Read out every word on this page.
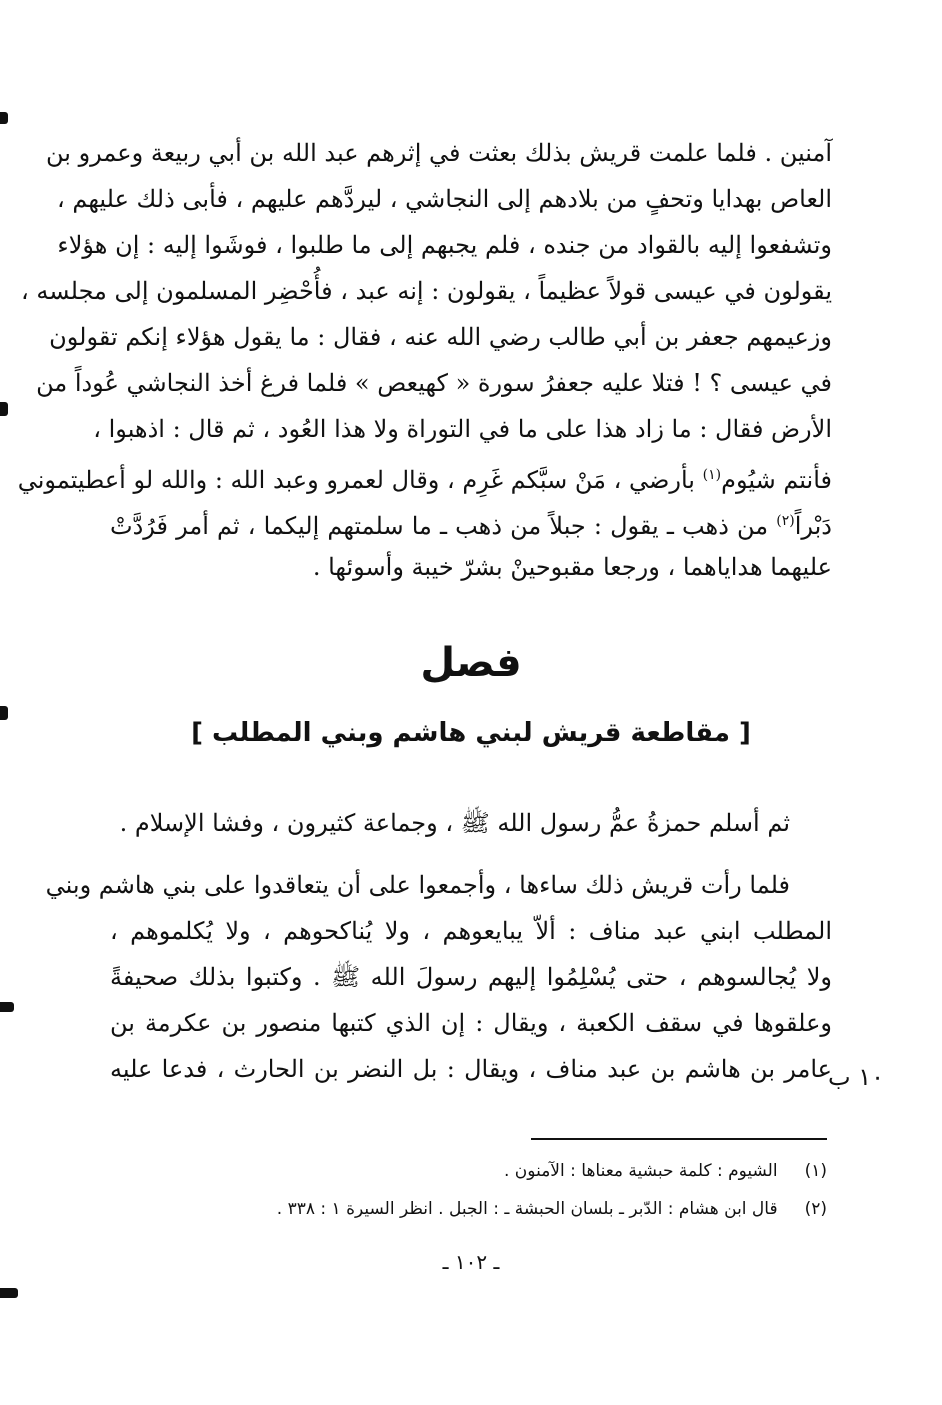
آمنين . فلما علمت قريش بذلك بعثت في إثرهم عبد الله بن أبي ربيعة وعمرو بن
العاص بهدايا وتحفٍ من بلادهم إلى النجاشي ، ليردَّهم عليهم ، فأبى ذلك عليهم ،
وتشفعوا إليه بالقواد من جنده ، فلم يجبهم إلى ما طلبوا ، فوشَوا إليه : إن هؤلاء
يقولون في عيسى قولاً عظيماً ، يقولون : إنه عبد ، فأُحْضِر المسلمون إلى مجلسه ،
وزعيمهم جعفر بن أبي طالب رضي الله عنه ، فقال : ما يقول هؤلاء إنكم تقولون
في عيسى ؟ ! فتلا عليه جعفرُ سورة « كهيعص » فلما فرغ أخذ النجاشي عُوداً من
الأرض فقال : ما زاد هذا على ما في التوراة ولا هذا العُود ، ثم قال : اذهبوا ،
فأنتم شيُوم$^{(١)}$ بأرضي ، مَنْ سبَّكم غَرِم ، وقال لعمرو وعبد الله : والله لو أعطيتموني
دَبْراً$^{(٢)}$ من ذهب ـ يقول : جبلاً من ذهب ـ ما سلمتهم إليكما ، ثم أمر فَرُدَّتْ
عليهما هداياهما ، ورجعا مقبوحينْ بشرّ خيبة وأسوئها .
فصل
[ مقاطعة قريش لبني هاشم وبني المطلب ]
ثم أسلم حمزةُ عمُّ رسول الله ﷺ ، وجماعة كثيرون ، وفشا الإسلام .
فلما رأت قريش ذلك ساءها ، وأجمعوا على أن يتعاقدوا على بني هاشم وبني
المطلب ابني عبد مناف : ألاّ يبايعوهم ، ولا يُناكحوهم ، ولا يُكلموهم ،
ولا يُجالسوهم ، حتى يُسْلِمُوا إليهم رسولَ الله ﷺ . وكتبوا بذلك صحيفةً
وعلقوها في سقف الكعبة ، ويقال : إن الذي كتبها منصور بن عكرمة بن
عامر بن هاشم بن عبد مناف ، ويقال : بل النضر بن الحارث ، فدعا عليه
١٠ ب
(١) الشيوم : كلمة حبشية معناها : الآمنون .
(٢) قال ابن هشام : الدّبر ـ بلسان الحبشة ـ : الجبل . انظر السيرة ١ : ٣٣٨ .
ـ ١٠٢ ـ
